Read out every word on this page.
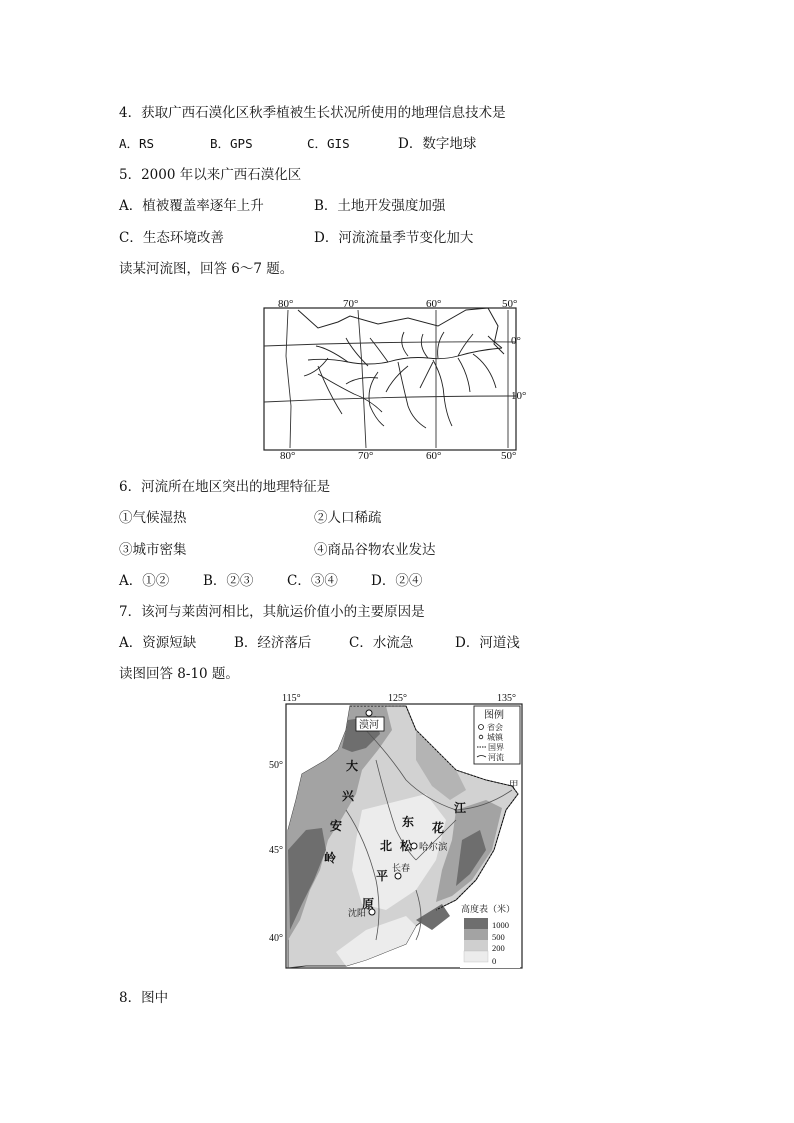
4．获取广西石漠化区秋季植被生长状况所使用的地理信息技术是
A．RS	B．GPS	C．GIS	D．数字地球
5．2000 年以来广西石漠化区
A．植被覆盖率逐年上升	B．土地开发强度加强
C．生态环境改善	D．河流流量季节变化加大
读某河流图，回答 6～7 题。
80°	70°	60°	50°
80°	70°	60°	50°
0°
10°
6．河流所在地区突出的地理特征是
①气候湿热	②人口稀疏
③城市密集	④商品谷物农业发达
A．①②	B．②③ C．③④ D．②④
7．该河与莱茵河相比，其航运价值小的主要原因是
A．资源短缺	B．经济落后	C．水流急	D．河道浅
读图回答 8-10 题。
115°	125°	135°
50°
45°
40°
漠河
哈尔滨
长春
沈阳
甲
大
兴
安
岭
东
北 松
花
江
平
原
图例
省会
城镇
国界
河流
高度表（米）
1000
500
200
0
8．图中
